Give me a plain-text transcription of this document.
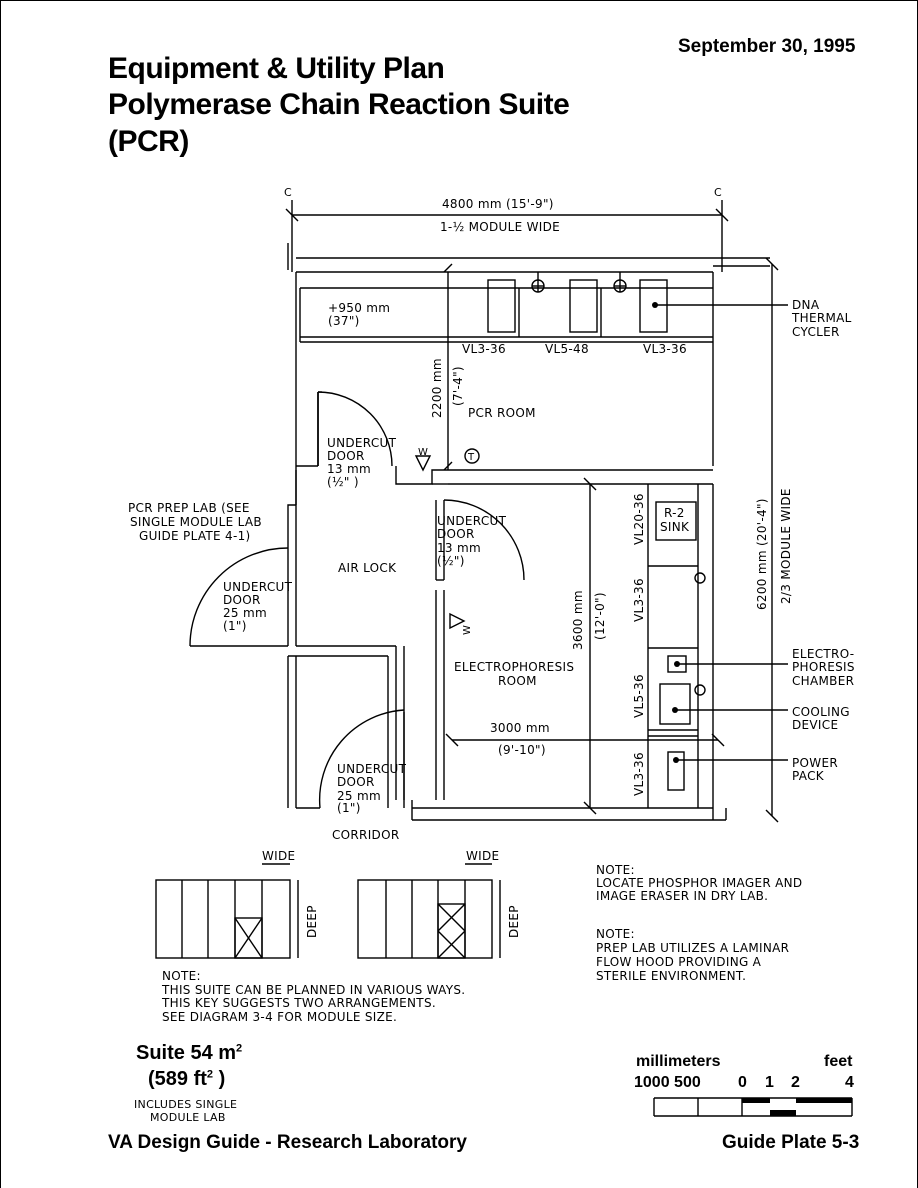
September 30, 1995
Equipment & Utility Plan
Polymerase Chain Reaction Suite
(PCR)
4800 mm (15'-9")
1-½ MODULE WIDE
6200 mm (20'-4") 2/3 MODULE WIDE
2200 mm (7'-4")
3600 mm (12'-0")
3000 mm
(9'-10")
+950 mm
(37")
VL3-36	VL5-48	VL3-36
VL20-36
VL3-36
VL5-36
VL3-36
R-2
SINK
PCR ROOM
AIR LOCK
ELECTROPHORESIS
ROOM
CORRIDOR
UNDERCUT
DOOR
13 mm
(½" )
UNDERCUT
DOOR
13 mm
(½")
UNDERCUT
DOOR
25 mm
(1")
UNDERCUT
DOOR
25 mm
(1")
PCR PREP LAB (SEE
SINGLE MODULE LAB
GUIDE PLATE 4-1)
DNA
THERMAL
CYCLER
ELECTRO-
PHORESIS
CHAMBER
COOLING
DEVICE
POWER
PACK
W	T
W
C	C
WIDE	WIDE
DEEP	DEEP
NOTE:
THIS SUITE CAN BE PLANNED IN VARIOUS WAYS.
THIS KEY SUGGESTS TWO ARRANGEMENTS.
SEE DIAGRAM 3-4 FOR MODULE SIZE.
NOTE:
LOCATE PHOSPHOR IMAGER AND
IMAGE ERASER IN DRY LAB.
NOTE:
PREP LAB UTILIZES A LAMINAR
FLOW HOOD PROVIDING A
STERILE ENVIRONMENT.
INCLUDES SINGLE
MODULE LAB
Suite 54 $m^2$
(589 $ft^2$ )
millimeters	feet
1000 500 0 1 2	4
VA Design Guide - Research Laboratory	Guide Plate 5-3
